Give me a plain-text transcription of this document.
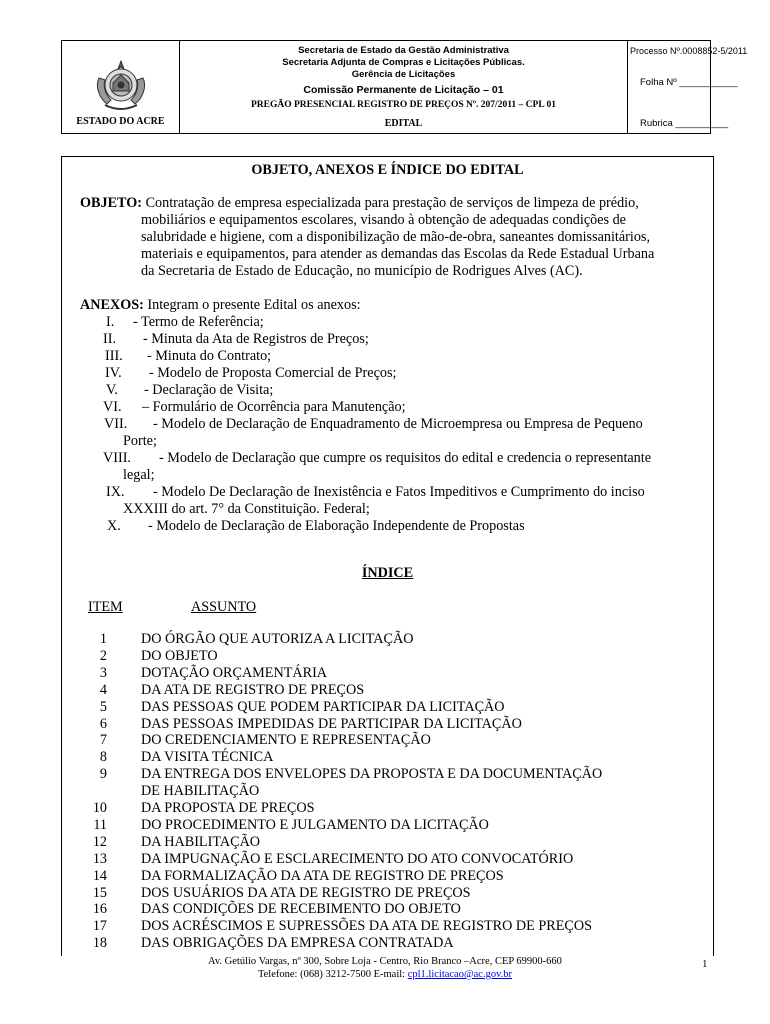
ESTADO DO ACRE
Secretaria de Estado da Gestão Administrativa
Secretaria Adjunta de Compras e Licitações Públicas.
Gerência de Licitações
Comissão Permanente de Licitação – 01
PREGÃO PRESENCIAL REGISTRO DE PREÇOS Nº. 207/2011 – CPL 01
EDITAL
Processo Nº.0008852-5/2011
Folha Nº ___________
Rubrica __________
OBJETO, ANEXOS E ÍNDICE DO EDITAL
OBJETO: Contratação de empresa especializada para prestação de serviços de limpeza de prédio,
mobiliários e equipamentos escolares, visando à obtenção de adequadas condições de
salubridade e higiene, com a disponibilização de mão-de-obra, saneantes domissanitários,
materiais e equipamentos, para atender as demandas das Escolas da Rede Estadual Urbana
da Secretaria de Estado de Educação, no município de Rodrigues Alves (AC).
ANEXOS: Integram o presente Edital os anexos:
I. - Termo de Referência;
II. - Minuta da Ata de Registros de Preços;
III. - Minuta do Contrato;
IV. - Modelo de Proposta Comercial de Preços;
V. - Declaração de Visita;
VI. – Formulário de Ocorrência para Manutenção;
VII. - Modelo de Declaração de Enquadramento de Microempresa ou Empresa de Pequeno
Porte;
VIII. - Modelo de Declaração que cumpre os requisitos do edital e credencia o representante
legal;
IX. - Modelo De Declaração de Inexistência e Fatos Impeditivos e Cumprimento do inciso
XXXIII do art. 7° da Constituição. Federal;
X. - Modelo de Declaração de Elaboração Independente de Propostas
ÍNDICE
ITEM	ASSUNTO
1 DO ÓRGÃO QUE AUTORIZA A LICITAÇÃO
2 DO OBJETO
3 DOTAÇÃO ORÇAMENTÁRIA
4 DA ATA DE REGISTRO DE PREÇOS
5 DAS PESSOAS QUE PODEM PARTICIPAR DA LICITAÇÃO
6 DAS PESSOAS IMPEDIDAS DE PARTICIPAR DA LICITAÇÃO
7 DO CREDENCIAMENTO E REPRESENTAÇÃO
8 DA VISITA TÉCNICA
9 DA ENTREGA DOS ENVELOPES DA PROPOSTA E DA DOCUMENTAÇÃO
DE HABILITAÇÃO
10 DA PROPOSTA DE PREÇOS
11 DO PROCEDIMENTO E JULGAMENTO DA LICITAÇÃO
12 DA HABILITAÇÃO
13 DA IMPUGNAÇÃO E ESCLARECIMENTO DO ATO CONVOCATÓRIO
14 DA FORMALIZAÇÃO DA ATA DE REGISTRO DE PREÇOS
15 DOS USUÁRIOS DA ATA DE REGISTRO DE PREÇOS
16 DAS CONDIÇÕES DE RECEBIMENTO DO OBJETO
17 DOS ACRÉSCIMOS E SUPRESSÕES DA ATA DE REGISTRO DE PREÇOS
18 DAS OBRIGAÇÕES DA EMPRESA CONTRATADA
Av. Getúlio Vargas, nº 300, Sobre Loja - Centro, Rio Branco –Acre, CEP 69900-660
Telefone: (068) 3212-7500 E-mail: cpl1.licitacao@ac.gov.br
1
